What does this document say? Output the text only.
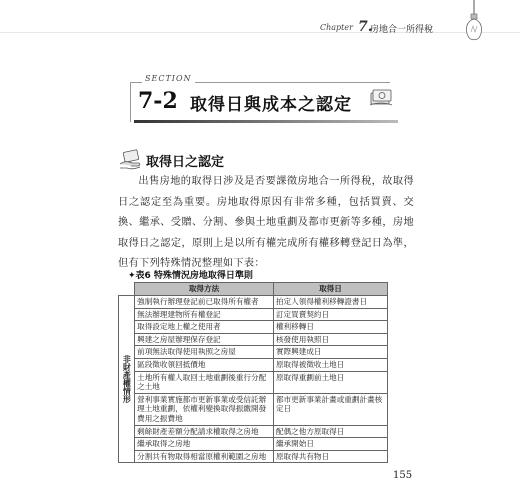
Chapter 7.
房地合一所得稅
SECTION
7-2 取得日與成本之認定
取得日之認定

出售房地的取得日涉及是否要課徵房地合一所得稅，故取得日之認定至為重要。房地取得原因有非常多種，包括買賣、交換、繼承、受贈、分割、參與土地重劃及都市更新等多種，房地取得日之認定，原則上是以所有權完成所有權移轉登記日為準，但有下列特殊情況整理如下表：

✦表6 特殊情況房地取得日準則
	取得方法	取得日
非財產權情形	強制執行辦理登記前已取得所有權者	拍定人領得權利移轉證書日
	無法辦理建物所有權登記	訂定買賣契約日
	取得設定地上權之使用者	權利移轉日
	興建之房屋辦理保存登記	核發使用執照日
	前項無法取得使用執照之房屋	實際興建成日
	區段徵收領回抵價地	原取得被徵收土地日
	土地所有權人取回土地重劃後重行分配之土地	原取得重劃前土地日
	營利事業實施都市更新事業或受信託辦理土地重劃，依權利變換取得振繳開發費用之振費地	都市更新事業計畫或重劃計畫核定日
	剩餘財產差額分配請求權取得之房地	配偶之他方原取得日
	繼承取得之房地	繼承開始日
	分割共有物取得相當原權利範圍之房地	原取得共有物日
155
